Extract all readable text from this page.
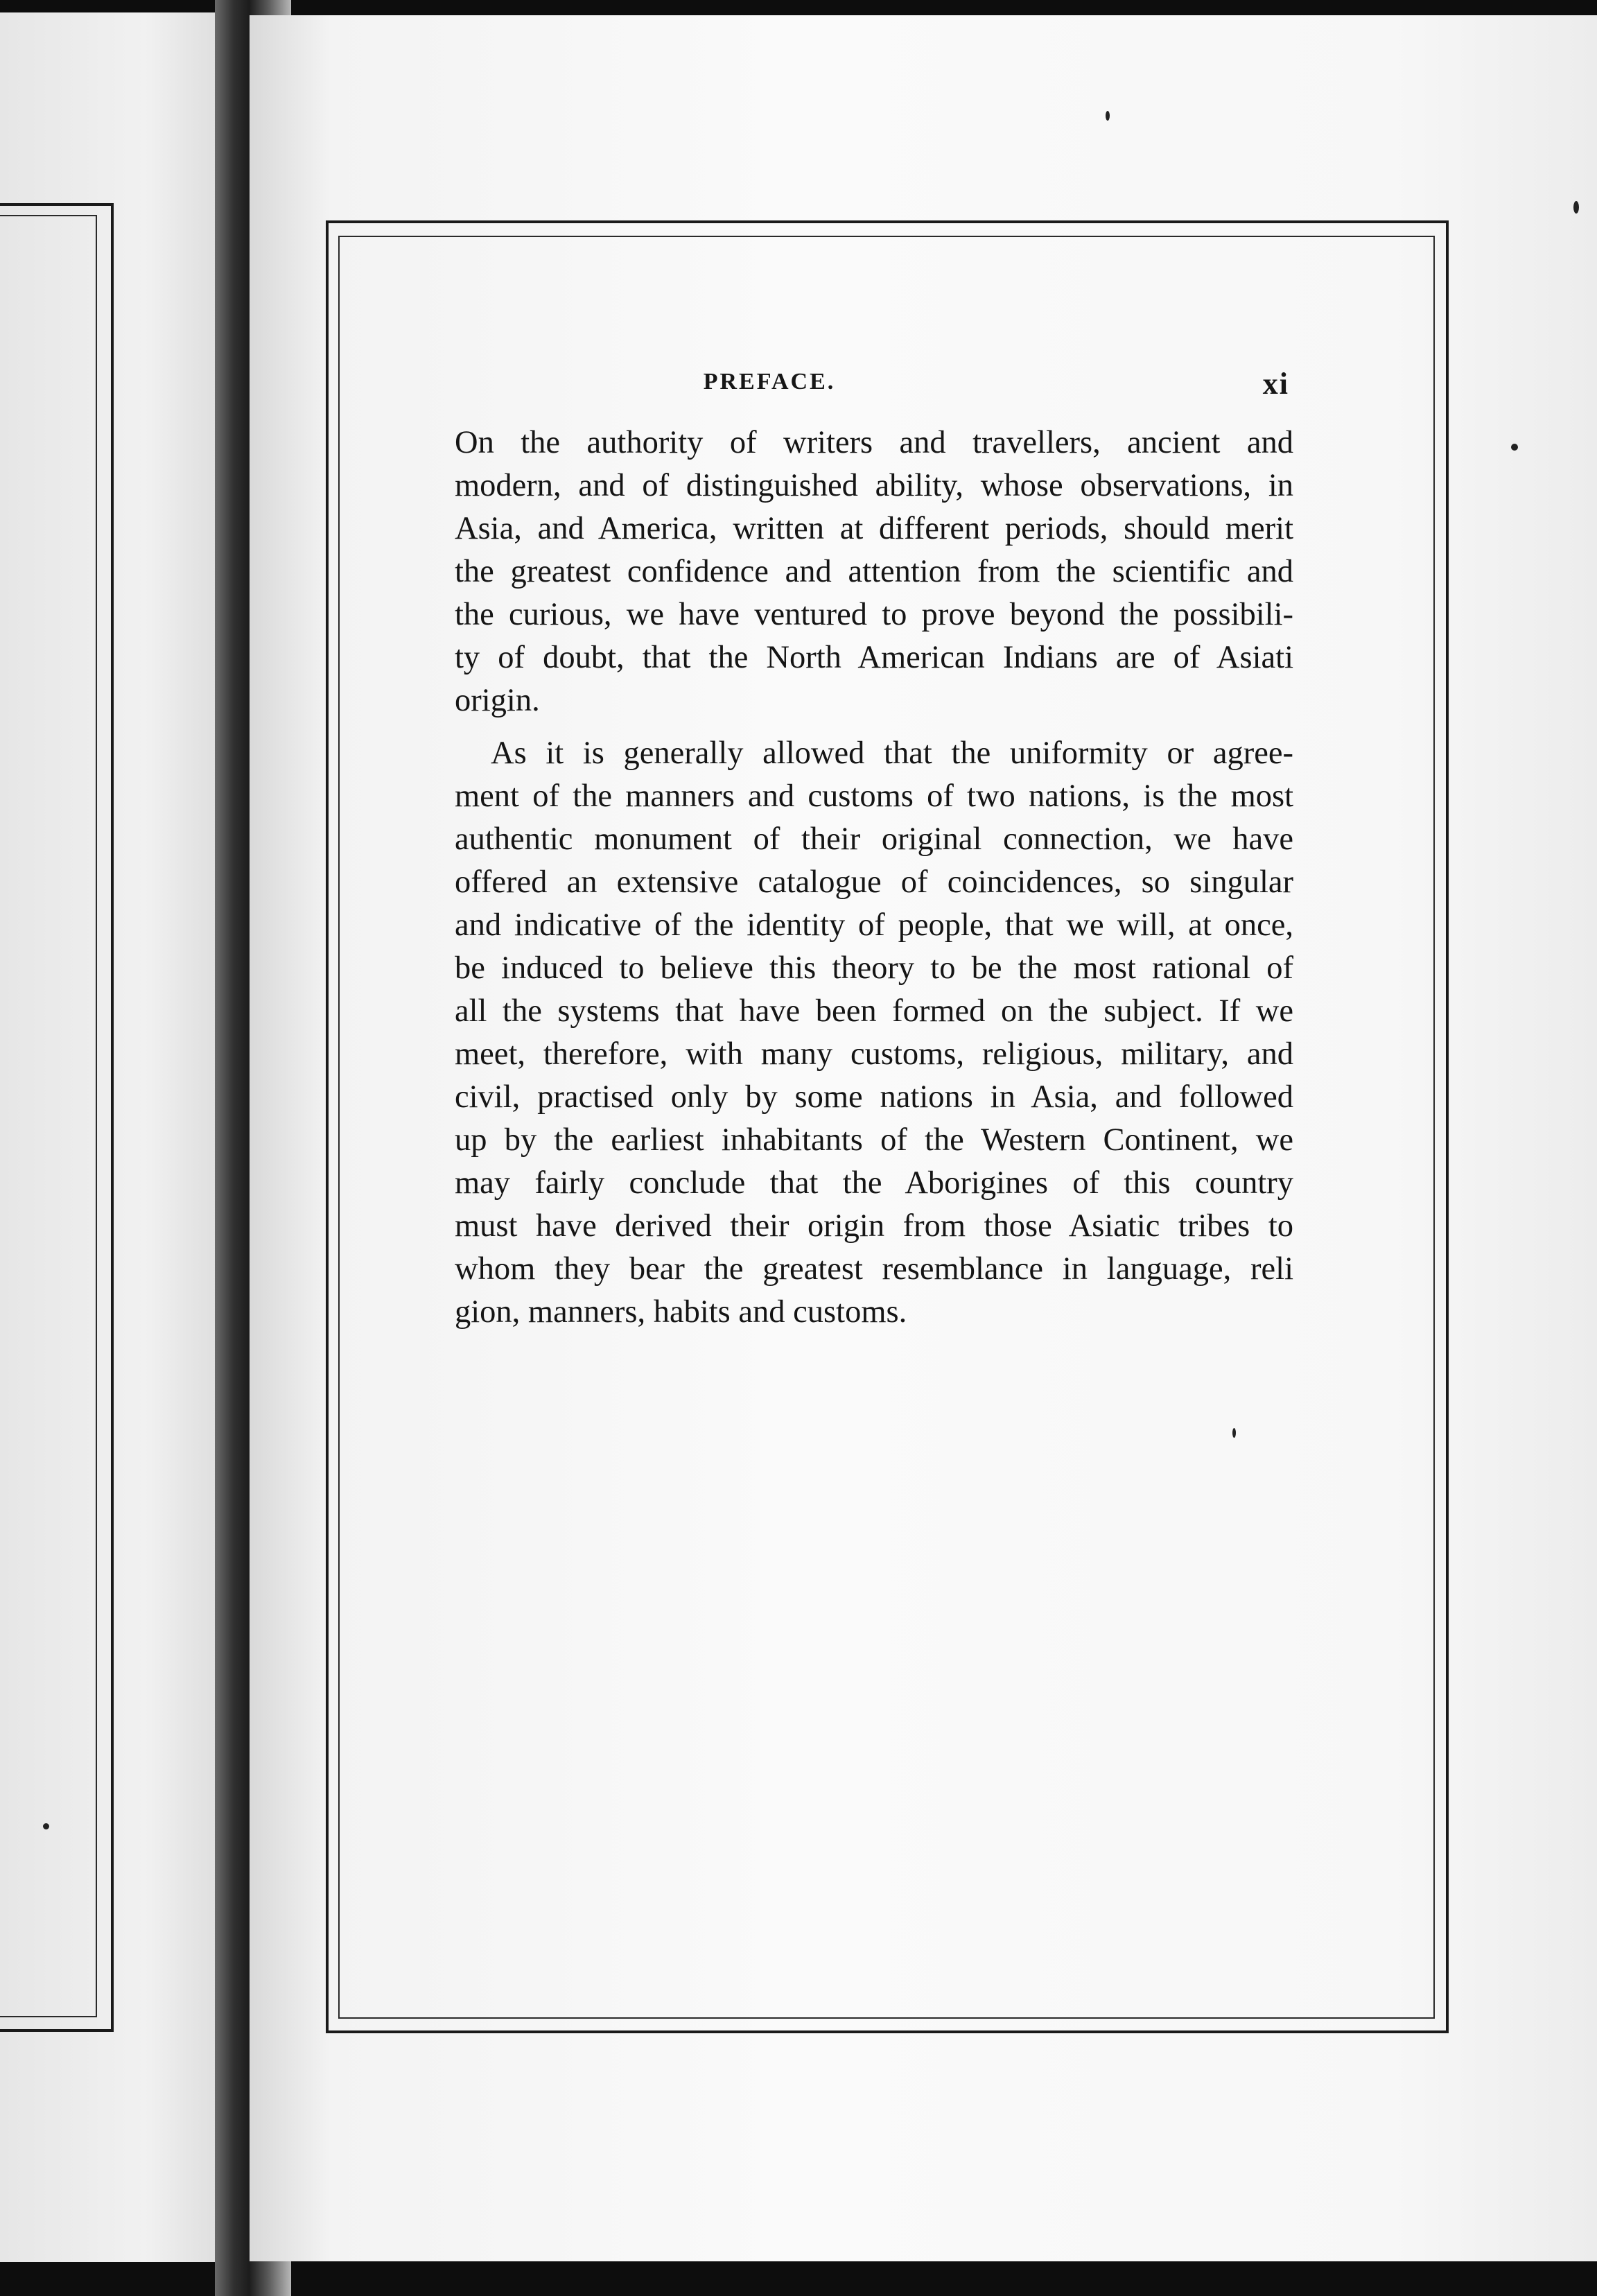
PREFACE.	xi

On the authority of writers and travellers, ancient and
modern, and of distinguished ability, whose observations, in
Asia, and America, written at different periods, should merit
the greatest confidence and attention from the scientific and
the curious, we have ventured to prove beyond the possibili-
ty of doubt, that the North American Indians are of Asiati
origin.

As it is generally allowed that the uniformity or agree-
ment of the manners and customs of two nations, is the most
authentic monument of their original connection, we have
offered an extensive catalogue of coincidences, so singular
and indicative of the identity of people, that we will, at once,
be induced to believe this theory to be the most rational of
all the systems that have been formed on the subject. If we
meet, therefore, with many customs, religious, military, and
civil, practised only by some nations in Asia, and followed
up by the earliest inhabitants of the Western Continent, we
may fairly conclude that the Aborigines of this country
must have derived their origin from those Asiatic tribes to
whom they bear the greatest resemblance in language, reli
gion, manners, habits and customs.
